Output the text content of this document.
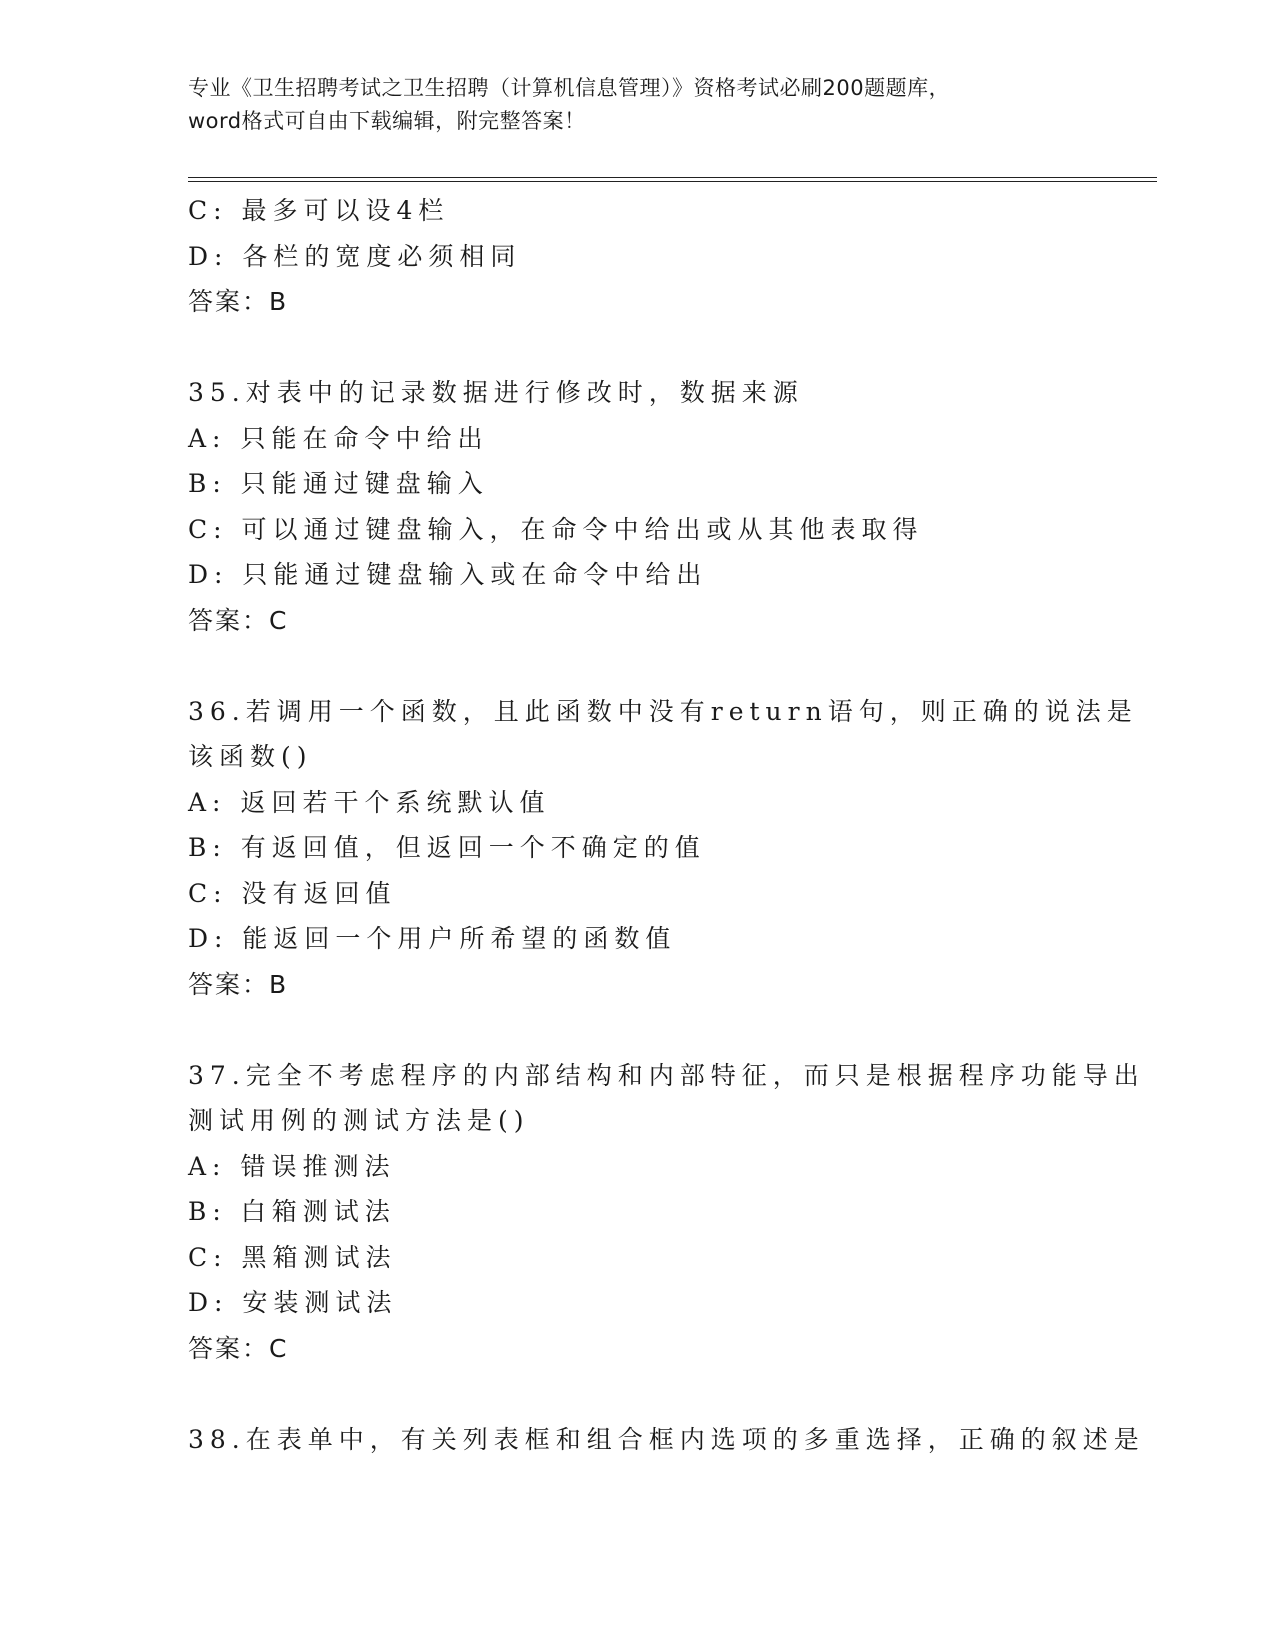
专业《卫生招聘考试之卫生招聘（计算机信息管理）》资格考试必刷200题题库，
word格式可自由下载编辑，附完整答案！
C: 最多可以设4栏
D: 各栏的宽度必须相同
答案：B
35.对表中的记录数据进行修改时，数据来源
A: 只能在命令中给出
B: 只能通过键盘输入
C: 可以通过键盘输入，在命令中给出或从其他表取得
D: 只能通过键盘输入或在命令中给出
答案：C
36.若调用一个函数，且此函数中没有return语句，则正确的说法是
该函数()
A: 返回若干个系统默认值
B: 有返回值，但返回一个不确定的值
C: 没有返回值
D: 能返回一个用户所希望的函数值
答案：B
37.完全不考虑程序的内部结构和内部特征，而只是根据程序功能导出
测试用例的测试方法是()
A: 错误推测法
B: 白箱测试法
C: 黑箱测试法
D: 安装测试法
答案：C
38.在表单中，有关列表框和组合框内选项的多重选择，正确的叙述是
